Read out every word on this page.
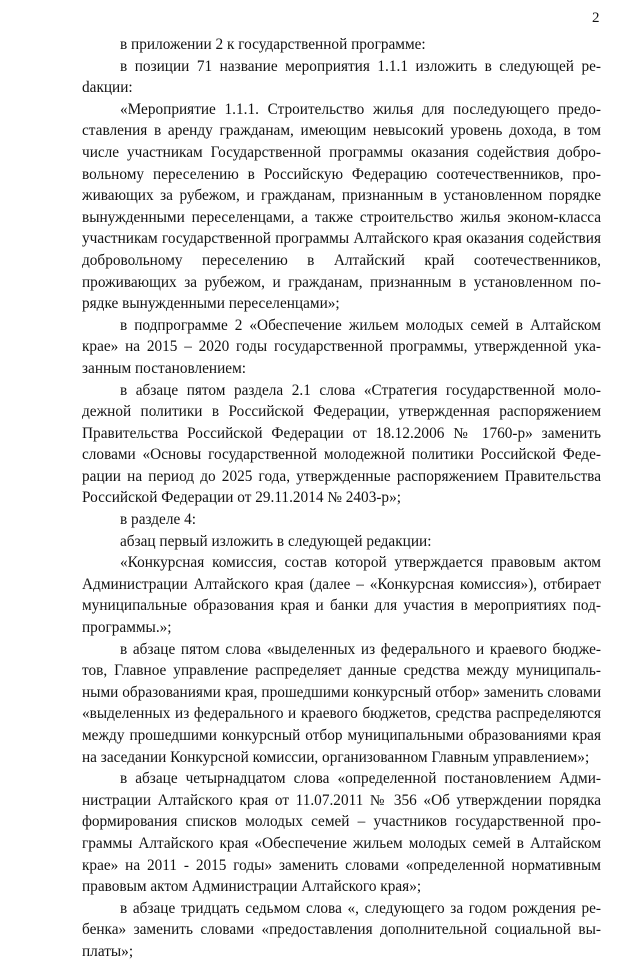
2

в приложении 2 к государственной программе:

в позиции 71 название мероприятия 1.1.1 изложить в следующей реdакции:

«Мероприятие 1.1.1. Строительство жилья для последующего предоставления в аренду гражданам, имеющим невысокий уровень дохода, в том числе участникам Государственной программы оказания содействия добровольному переселению в Российскую Федерацию соотечественников, проживающих за рубежом, и гражданам, признанным в установленном порядке вынужденными переселенцами, а также строительство жилья эконом-класса участникам государственной программы Алтайского края оказания содействия добровольному переселению в Алтайский край соотечественников, проживающих за рубежом, и гражданам, признанным в установленном порядке вынужденными переселенцами»;

в подпрограмме 2 «Обеспечение жильем молодых семей в Алтайском крае» на 2015 – 2020 годы государственной программы, утвержденной указанным постановлением:

в абзаце пятом раздела 2.1 слова «Стратегия государственной молодежной политики в Российской Федерации, утвержденная распоряжением Правительства Российской Федерации от 18.12.2006 № 1760-р» заменить словами «Основы государственной молодежной политики Российской Федерации на период до 2025 года, утвержденные распоряжением Правительства Российской Федерации от 29.11.2014 № 2403-р»;

в разделе 4:

абзац первый изложить в следующей редакции:

«Конкурсная комиссия, состав которой утверждается правовым актом Администрации Алтайского края (далее – «Конкурсная комиссия»), отбирает муниципальные образования края и банки для участия в мероприятиях подпрограммы.»;

в абзаце пятом слова «выделенных из федерального и краевого бюджетов, Главное управление распределяет данные средства между муниципальными образованиями края, прошедшими конкурсный отбор» заменить словами «выделенных из федерального и краевого бюджетов, средства распределяются между прошедшими конкурсный отбор муниципальными образованиями края на заседании Конкурсной комиссии, организованном Главным управлением»;

в абзаце четырнадцатом слова «определенной постановлением Администрации Алтайского края от 11.07.2011 № 356 «Об утверждении порядка формирования списков молодых семей – участников государственной программы Алтайского края «Обеспечение жильем молодых семей в Алтайском крае» на 2011 - 2015 годы» заменить словами «определенной нормативным правовым актом Администрации Алтайского края»;

в абзаце тридцать седьмом слова «, следующего за годом рождения ребенка» заменить словами «предоставления дополнительной социальной выплаты»;
